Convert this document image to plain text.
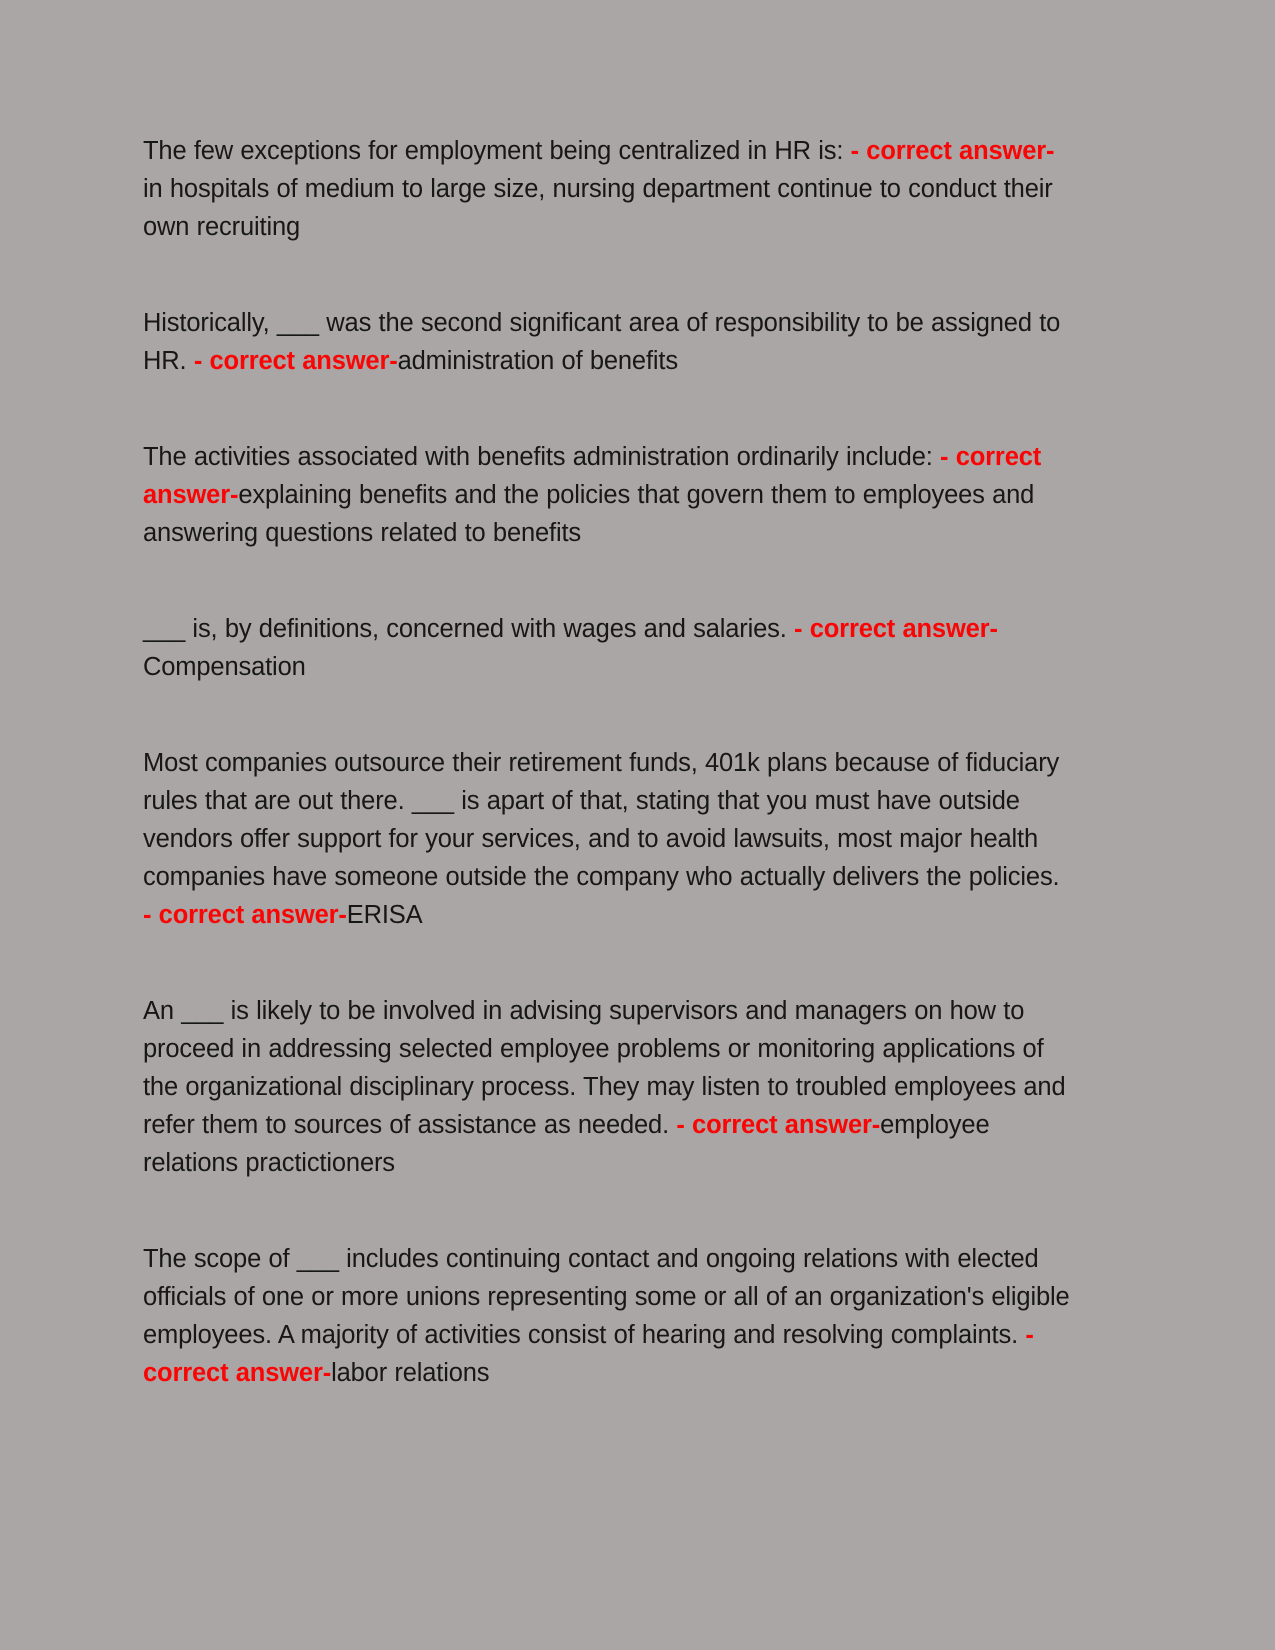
The few exceptions for employment being centralized in HR is: - correct answer-in hospitals of medium to large size, nursing department continue to conduct their own recruiting

Historically, ___ was the second significant area of responsibility to be assigned to HR. - correct answer-administration of benefits

The activities associated with benefits administration ordinarily include: - correct answer-explaining benefits and the policies that govern them to employees and answering questions related to benefits

___ is, by definitions, concerned with wages and salaries. - correct answer-Compensation

Most companies outsource their retirement funds, 401k plans because of fiduciary rules that are out there. ___ is apart of that, stating that you must have outside vendors offer support for your services, and to avoid lawsuits, most major health companies have someone outside the company who actually delivers the policies. - correct answer-ERISA

An ___ is likely to be involved in advising supervisors and managers on how to proceed in addressing selected employee problems or monitoring applications of the organizational disciplinary process. They may listen to troubled employees and refer them to sources of assistance as needed. - correct answer-employee relations practictioners

The scope of ___ includes continuing contact and ongoing relations with elected officials of one or more unions representing some or all of an organization's eligible employees. A majority of activities consist of hearing and resolving complaints. - correct answer-labor relations
